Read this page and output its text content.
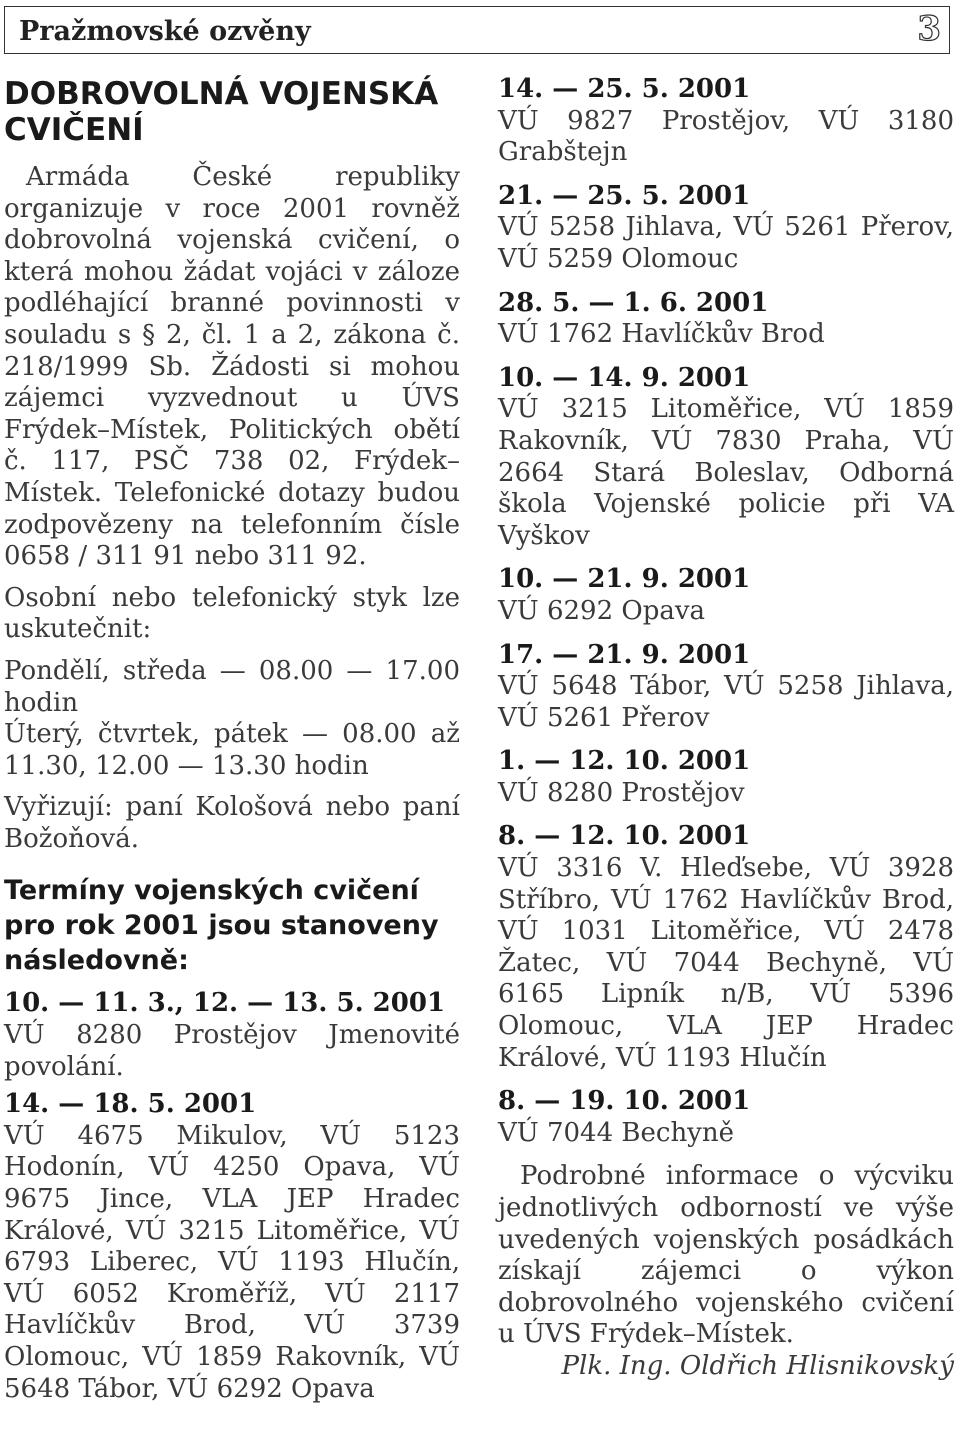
Pražmovské ozvěny	3
DOBROVOLNÁ VOJENSKÁ CVIČENÍ

Armáda České republiky organizuje v roce 2001 rovněž dobrovolná vojenská cvičení, o která mohou žádat vojáci v záloze podléhající branné povinnosti v souladu s § 2, čl. 1 a 2, zákona č. 218/1999 Sb. Žádosti si mohou zájemci vyzvednout u ÚVS Frýdek–Místek, Politických obětí č. 117, PSČ 738 02, Frýdek–Místek. Telefonické dotazy budou zodpovězeny na telefonním čísle 0658 / 311 91 nebo 311 92.

Osobní nebo telefonický styk lze uskutečnit:

Pondělí, středa — 08.00 — 17.00 hodin

Úterý, čtvrtek, pátek — 08.00 až 11.30, 12.00 — 13.30 hodin

Vyřizují: paní Kološová nebo paní Božoňová.

Termíny vojenských cvičení pro rok 2001 jsou stanoveny následovně:
10. — 11. 3., 12. — 13. 5. 2001

VÚ 8280 Prostějov Jmenovité povolání.

14. — 18. 5. 2001

VÚ 4675 Mikulov, VÚ 5123 Hodonín, VÚ 4250 Opava, VÚ 9675 Jince, VLA JEP Hradec Králové, VÚ 3215 Litoměřice, VÚ 6793 Liberec, VÚ 1193 Hlučín, VÚ 6052 Kroměříž, VÚ 2117 Havlíčkův Brod, VÚ 3739 Olomouc, VÚ 1859 Rakovník, VÚ 5648 Tábor, VÚ 6292 Opava

14. — 25. 5. 2001

VÚ 9827 Prostějov, VÚ 3180 Grabštejn

21. — 25. 5. 2001

VÚ 5258 Jihlava, VÚ 5261 Přerov, VÚ 5259 Olomouc

28. 5. — 1. 6. 2001

VÚ 1762 Havlíčkův Brod

10. — 14. 9. 2001

VÚ 3215 Litoměřice, VÚ 1859 Rakovník, VÚ 7830 Praha, VÚ 2664 Stará Boleslav, Odborná škola Vojenské policie při VA Vyškov

10. — 21. 9. 2001

VÚ 6292 Opava

17. — 21. 9. 2001

VÚ 5648 Tábor, VÚ 5258 Jihlava, VÚ 5261 Přerov

1. — 12. 10. 2001

VÚ 8280 Prostějov

8. — 12. 10. 2001

VÚ 3316 V. Hleďsebe, VÚ 3928 Stříbro, VÚ 1762 Havlíčkův Brod, VÚ 1031 Litoměřice, VÚ 2478 Žatec, VÚ 7044 Bechyně, VÚ 6165 Lipník n/B, VÚ 5396 Olomouc, VLA JEP Hradec Králové, VÚ 1193 Hlučín

8. — 19. 10. 2001

VÚ 7044 Bechyně

Podrobné informace o výcviku jednotlivých odborností ve výše uvedených vojenských posádkách získají zájemci o výkon dobrovolného vojenského cvičení u ÚVS Frýdek–Místek.

Plk. Ing. Oldřich Hlisnikovský
